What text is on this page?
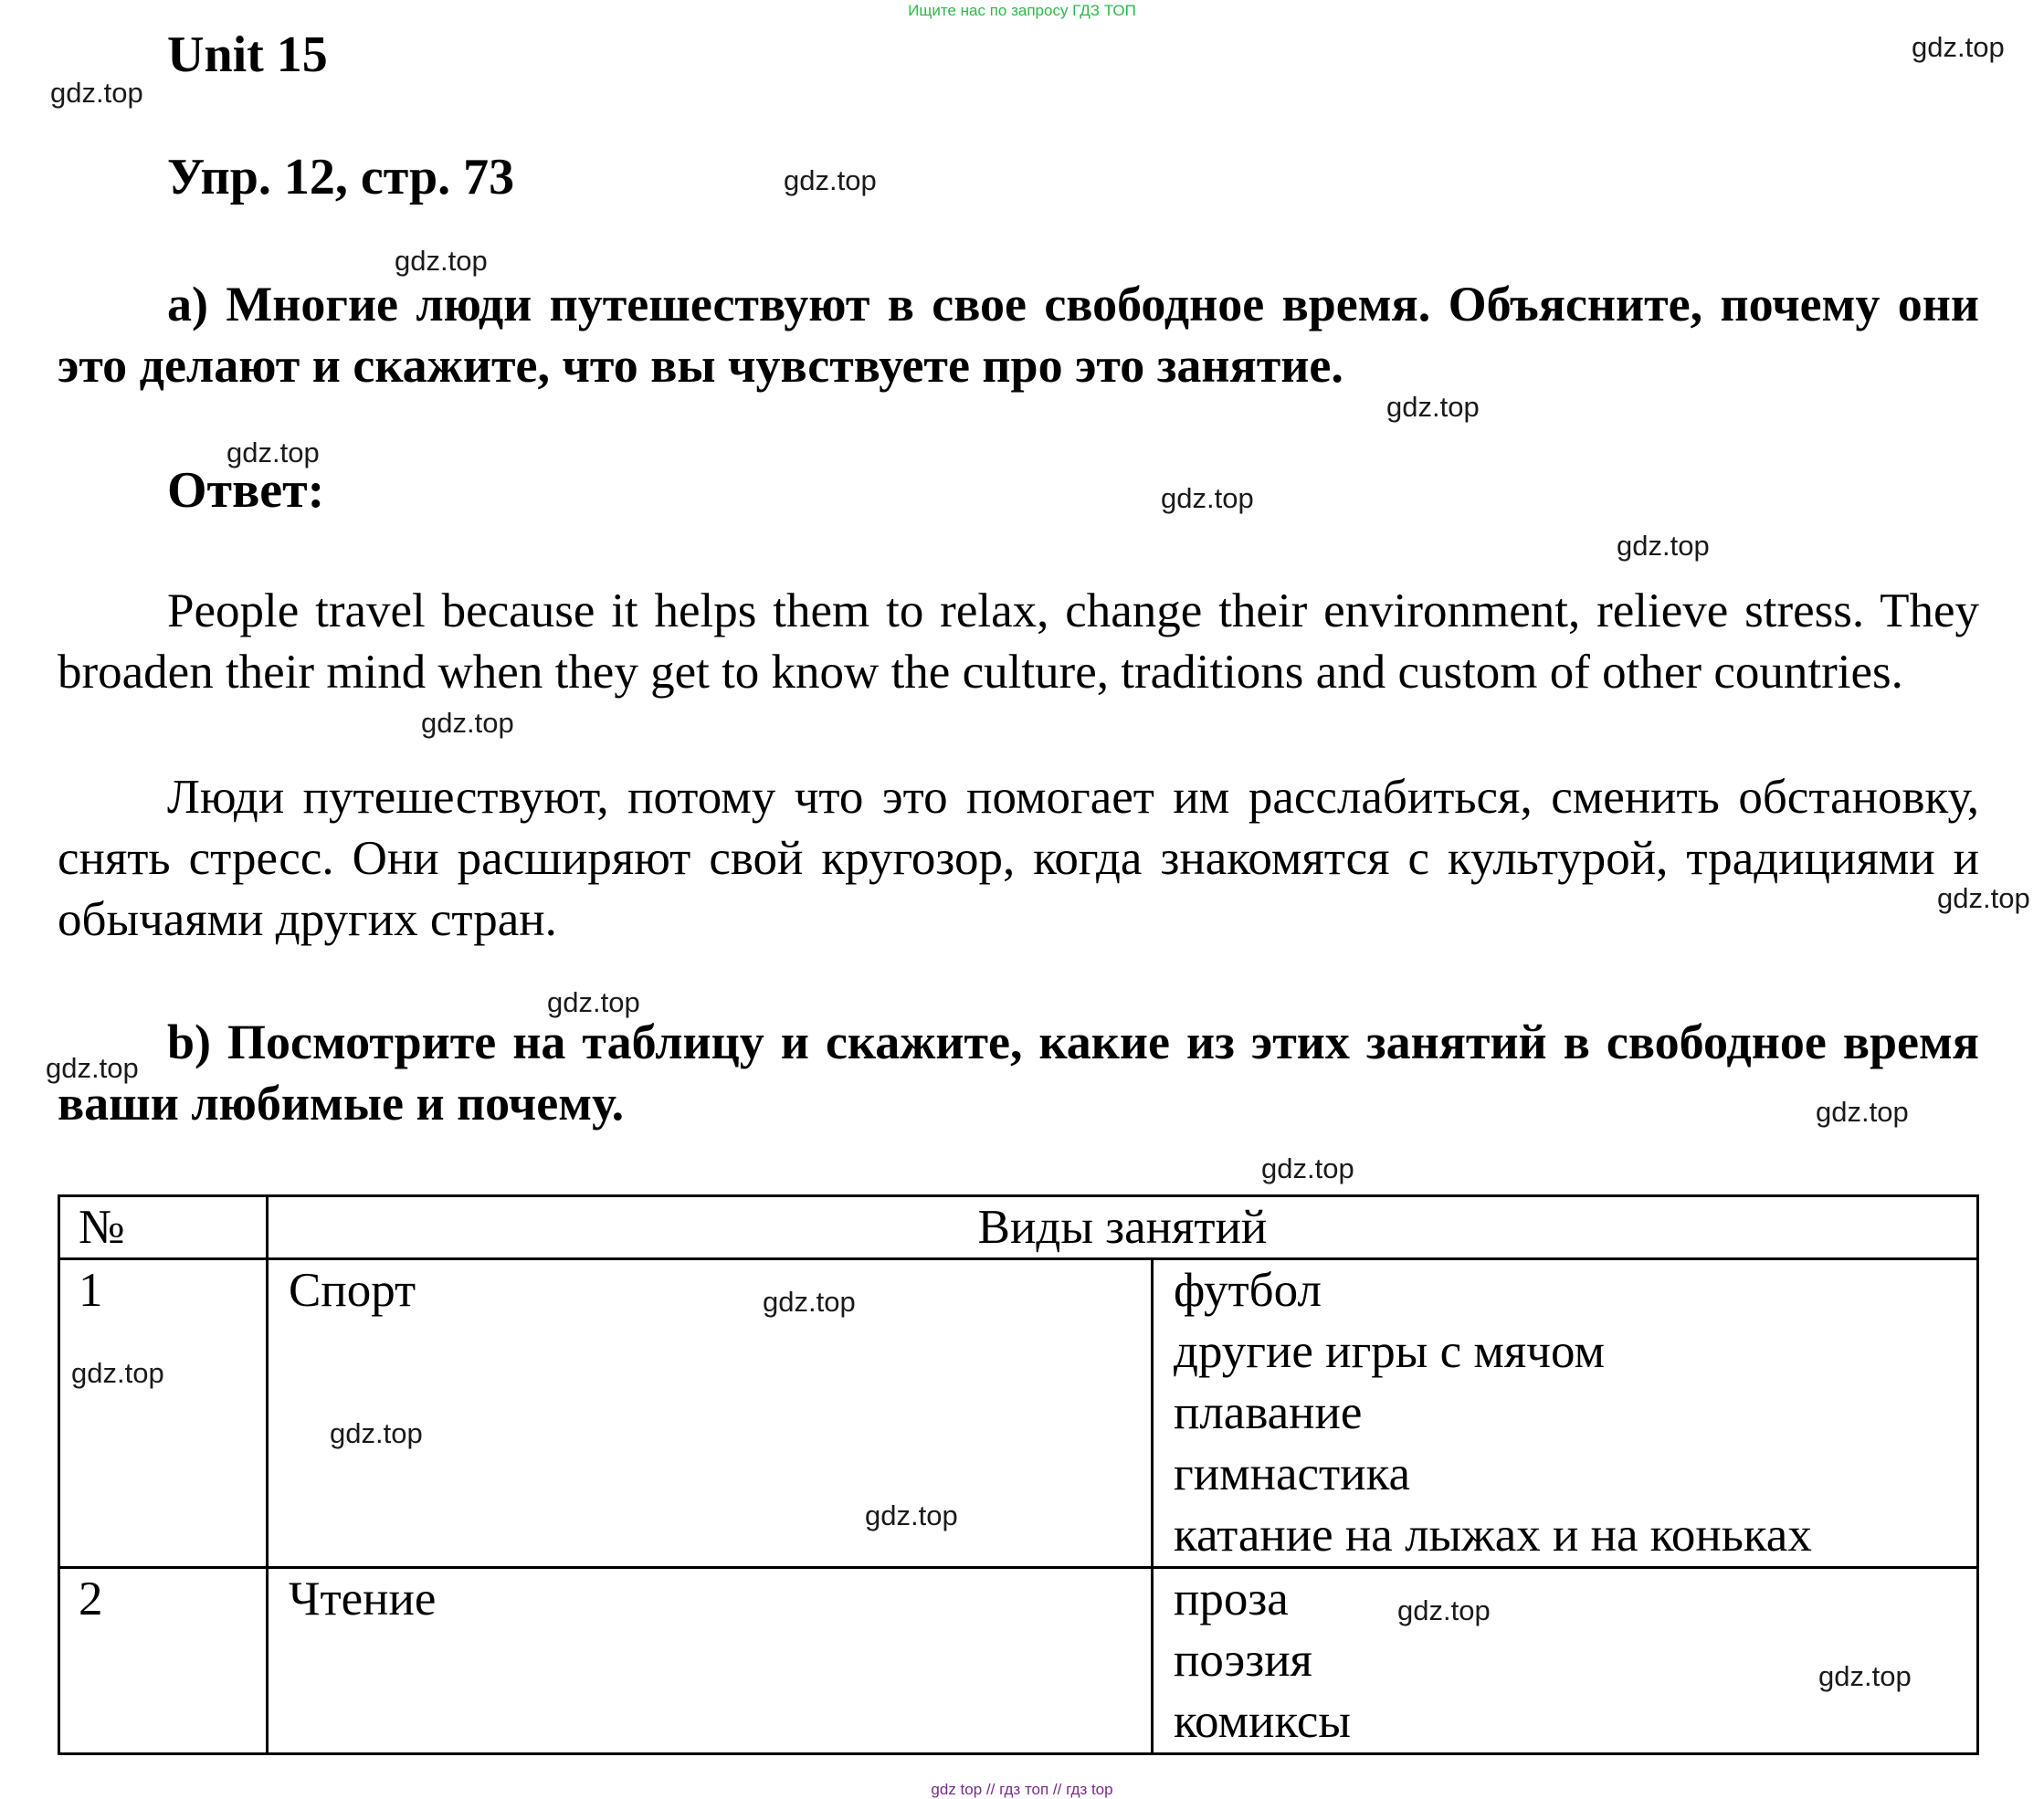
Ищите нас по запросу ГДЗ ТОП
Unit 15
Упр. 12, стр. 73
a) Многие люди путешествуют в свое свободное время. Объясните, почему они это делают и скажите, что вы чувствуете про это занятие.
Ответ:
People travel because it helps them to relax, change their environment, relieve stress. They broaden their mind when they get to know the culture, traditions and custom of other countries.
Люди путешествуют, потому что это помогает им расслабиться, сменить обстановку, снять стресс. Они расширяют свой кругозор, когда знакомятся с культурой, традициями и обычаями других стран.
b) Посмотрите на таблицу и скажите, какие из этих занятий в свободное время ваши любимые и почему.
№	Виды занятий	
1	Спорт	футбол
другие игры с мячом
плавание
гимнастика
катание на лыжах и на коньках

2	Чтение	проза
поэзия
комиксы
gdz.top
gdz.top
gdz.top
gdz.top
gdz.top
gdz.top
gdz.top
gdz.top
gdz.top
gdz.top
gdz.top
gdz.top
gdz.top
gdz.top
gdz.top
gdz.top
gdz.top
gdz.top
gdz.top
gdz.top
gdz top // гдз топ // гдз top
